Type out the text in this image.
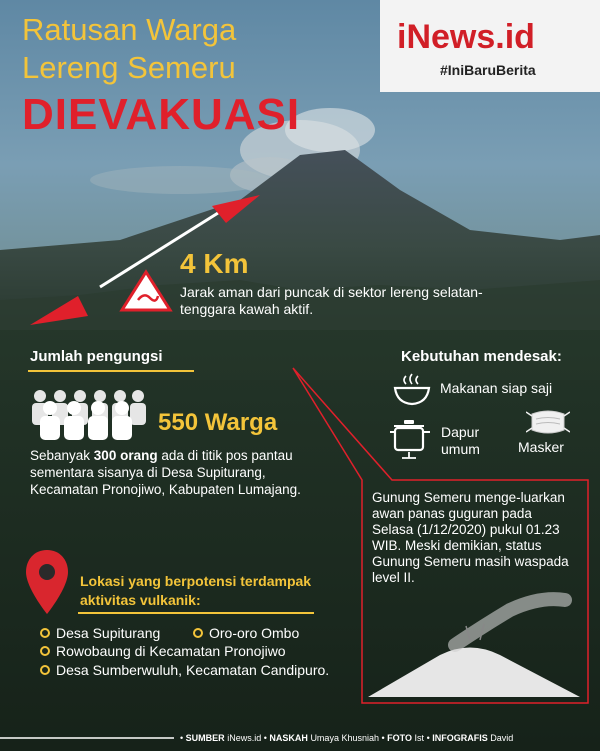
Ratusan Warga
Lereng Semeru
DIEVAKUASI
iNews.id
#IniBaruBerita
4 Km
Jarak aman dari puncak di sektor lereng selatan-tenggara kawah aktif.
Jumlah pengungsi
550 Warga
Sebanyak 300 orang ada di titik pos pantau sementara sisanya di Desa Supiturang, Kecamatan Pronojiwo, Kabupaten Lumajang.
Kebutuhan mendesak:
Makanan siap saji
Dapur umum	Masker
Gunung Semeru menge-luarkan awan panas guguran pada Selasa (1/12/2020) pukul 01.23 WIB. Meski demikian, status Gunung Semeru masih waspada level II.
Lokasi yang berpotensi terdampak aktivitas vulkanik:
Desa Supiturang	Oro-oro Ombo
Rowobaung di Kecamatan Pronojiwo
Desa Sumberwuluh, Kecamatan Candipuro.
• SUMBER iNews.id • NASKAH Umaya Khusniah • FOTO Ist • INFOGRAFIS David
